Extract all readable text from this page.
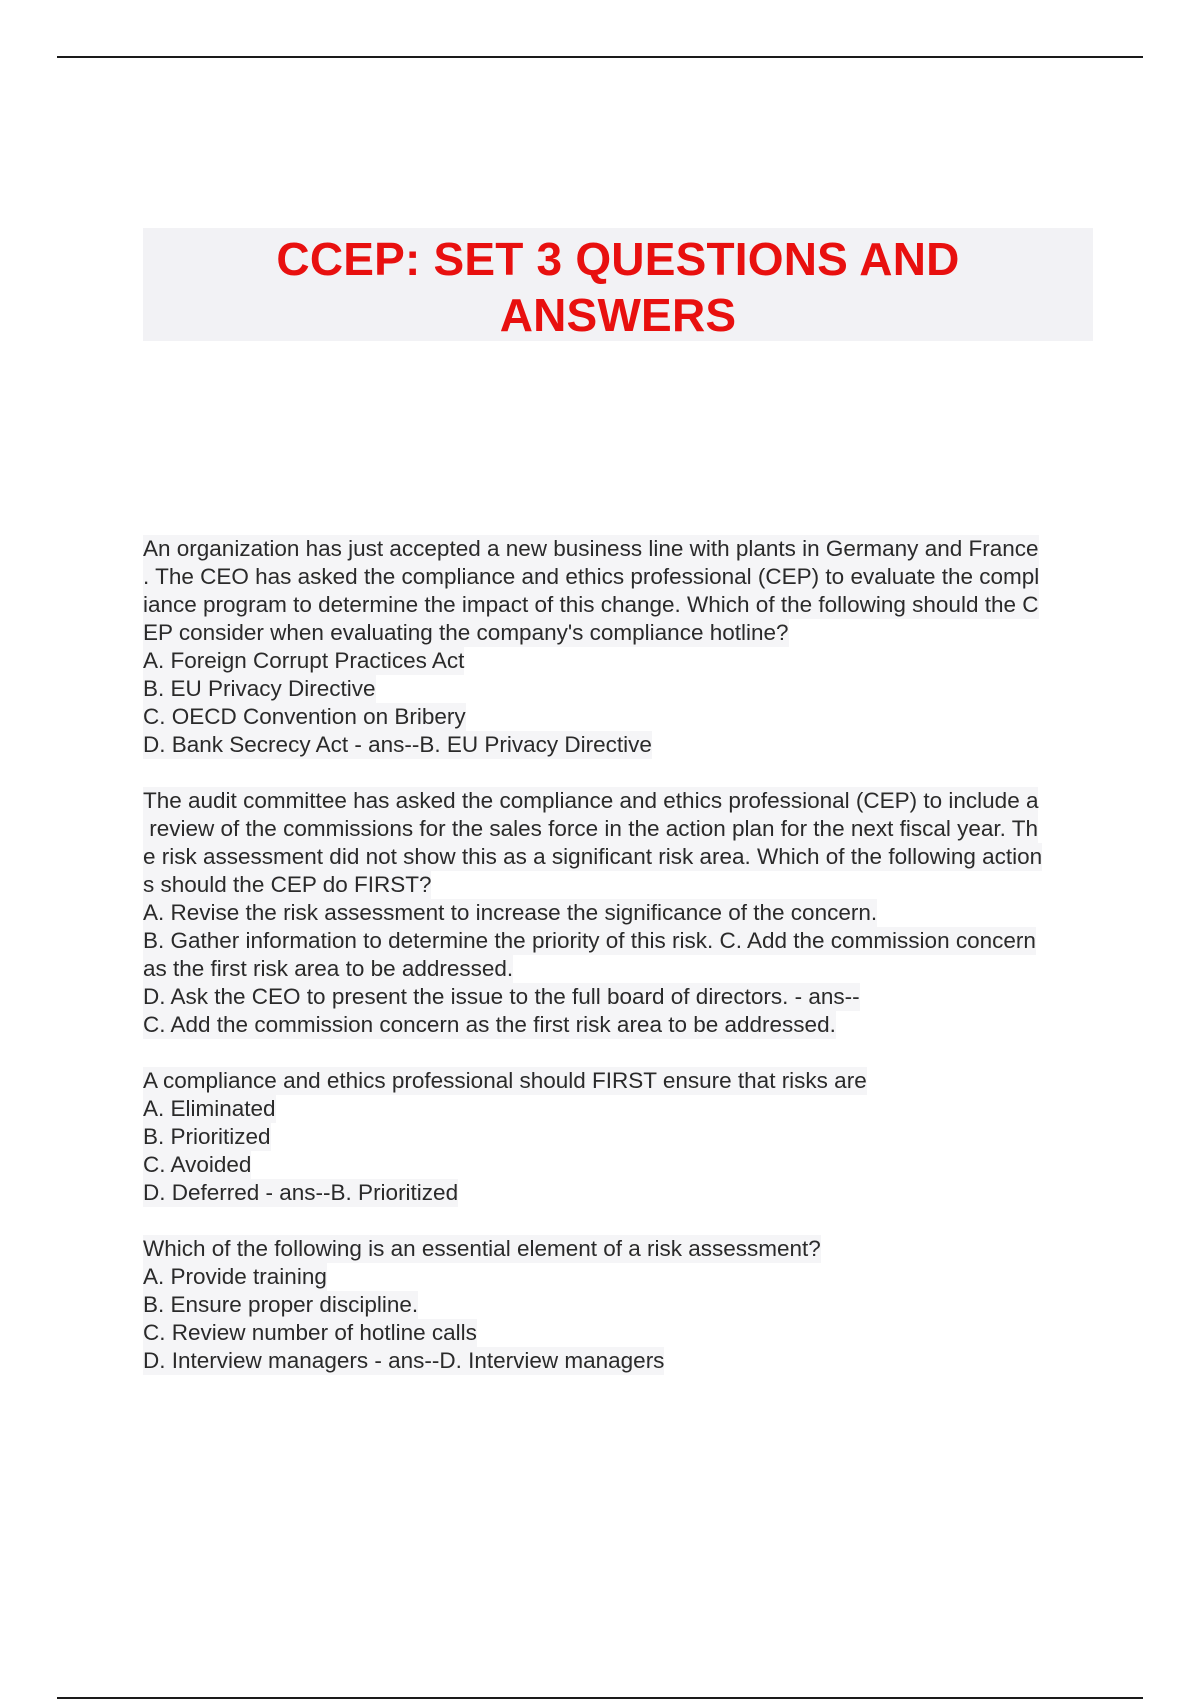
CCEP: SET 3 QUESTIONS AND
ANSWERS
An organization has just accepted a new business line with plants in Germany and France
. The CEO has asked the compliance and ethics professional (CEP) to evaluate the compl
iance program to determine the impact of this change. Which of the following should the C
EP consider when evaluating the company's compliance hotline?
A. Foreign Corrupt Practices Act
B. EU Privacy Directive
C. OECD Convention on Bribery
D. Bank Secrecy Act - ans--B. EU Privacy Directive
The audit committee has asked the compliance and ethics professional (CEP) to include a
review of the commissions for the sales force in the action plan for the next fiscal year. Th
e risk assessment did not show this as a significant risk area. Which of the following action
s should the CEP do FIRST?
A. Revise the risk assessment to increase the significance of the concern.
B. Gather information to determine the priority of this risk. C. Add the commission concern
as the first risk area to be addressed.
D. Ask the CEO to present the issue to the full board of directors. - ans--
C. Add the commission concern as the first risk area to be addressed.
A compliance and ethics professional should FIRST ensure that risks are
A. Eliminated
B. Prioritized
C. Avoided
D. Deferred - ans--B. Prioritized
Which of the following is an essential element of a risk assessment?
A. Provide training
B. Ensure proper discipline.
C. Review number of hotline calls
D. Interview managers - ans--D. Interview managers
